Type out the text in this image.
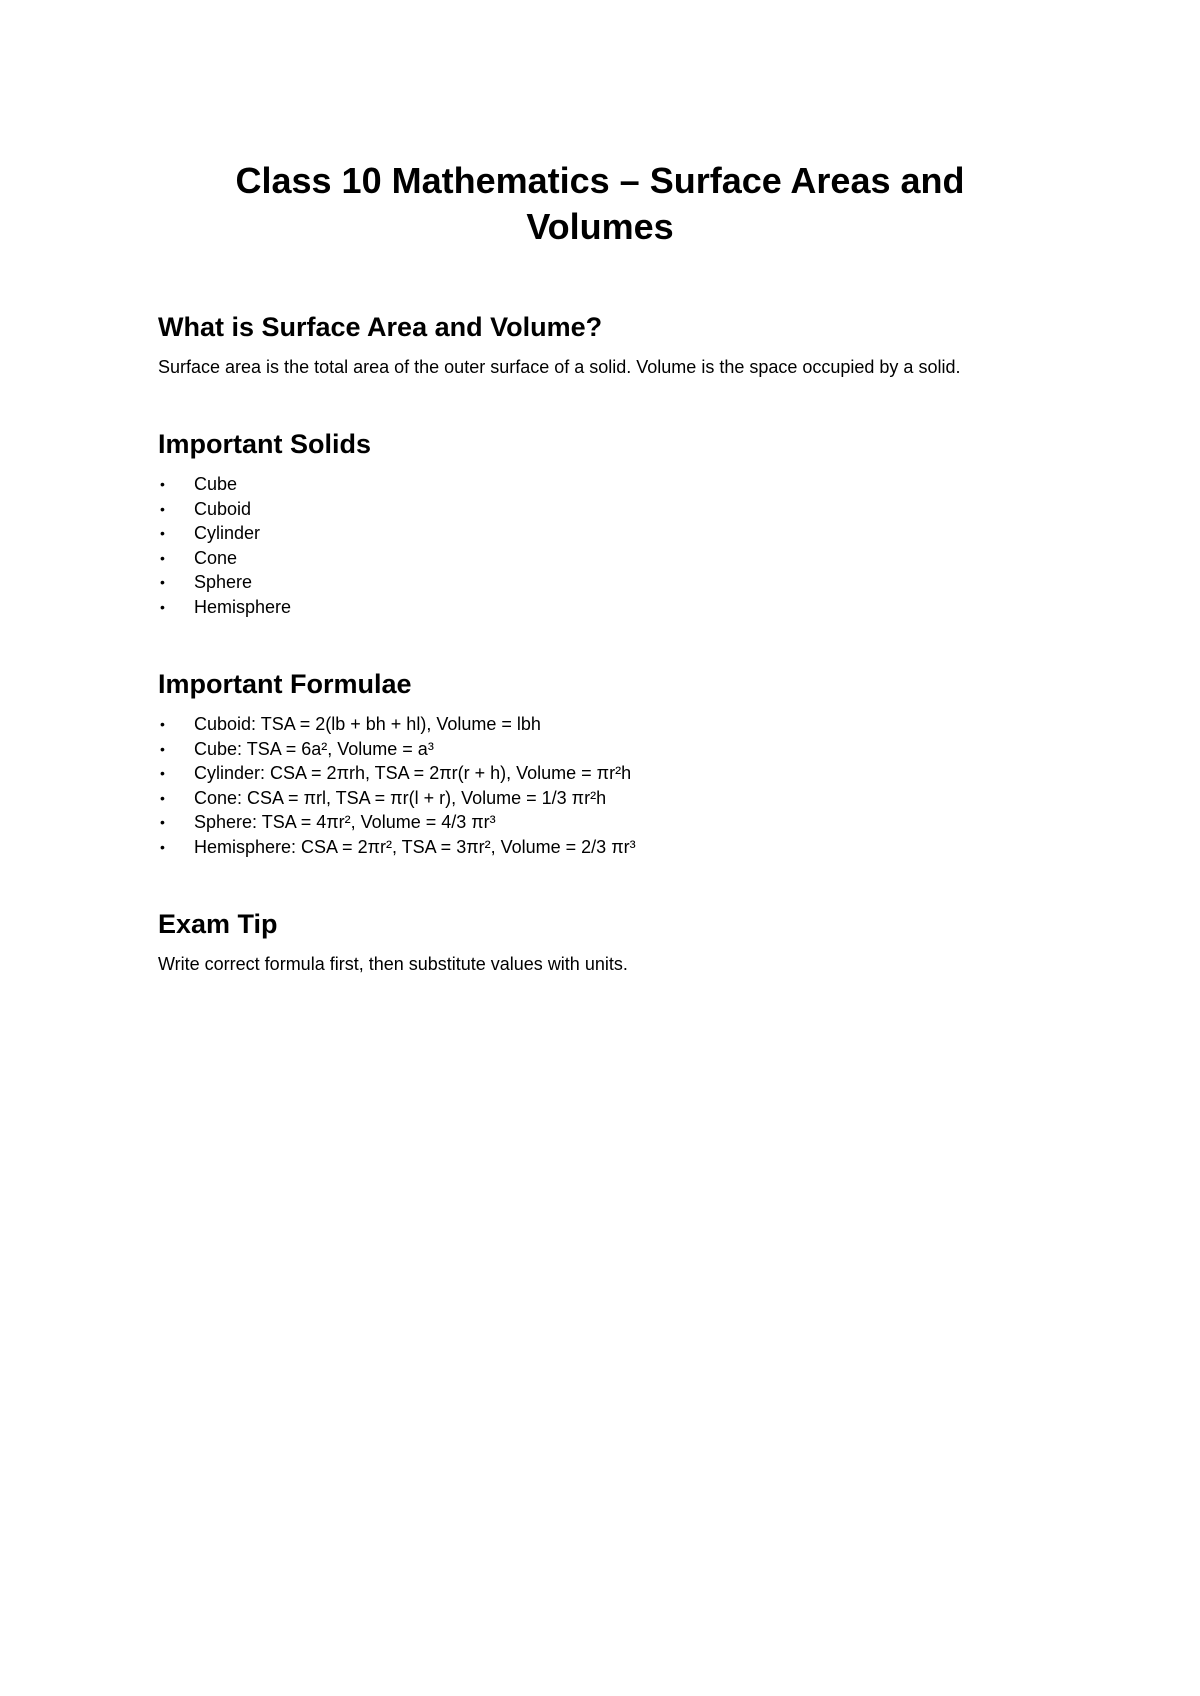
Class 10 Mathematics – Surface Areas and
Volumes
What is Surface Area and Volume?

Surface area is the total area of the outer surface of a solid. Volume is the space occupied by a solid.

Important Solids
• Cube
• Cuboid
• Cylinder
• Cone
• Sphere
• Hemisphere
Important Formulae
• Cuboid: TSA = 2(lb + bh + hl), Volume = lbh
• Cube: TSA = 6a², Volume = a³
• Cylinder: CSA = 2πrh, TSA = 2πr(r + h), Volume = πr²h
• Cone: CSA = πrl, TSA = πr(l + r), Volume = 1/3 πr²h
• Sphere: TSA = 4πr², Volume = 4/3 πr³
• Hemisphere: CSA = 2πr², TSA = 3πr², Volume = 2/3 πr³
Exam Tip

Write correct formula first, then substitute values with units.
